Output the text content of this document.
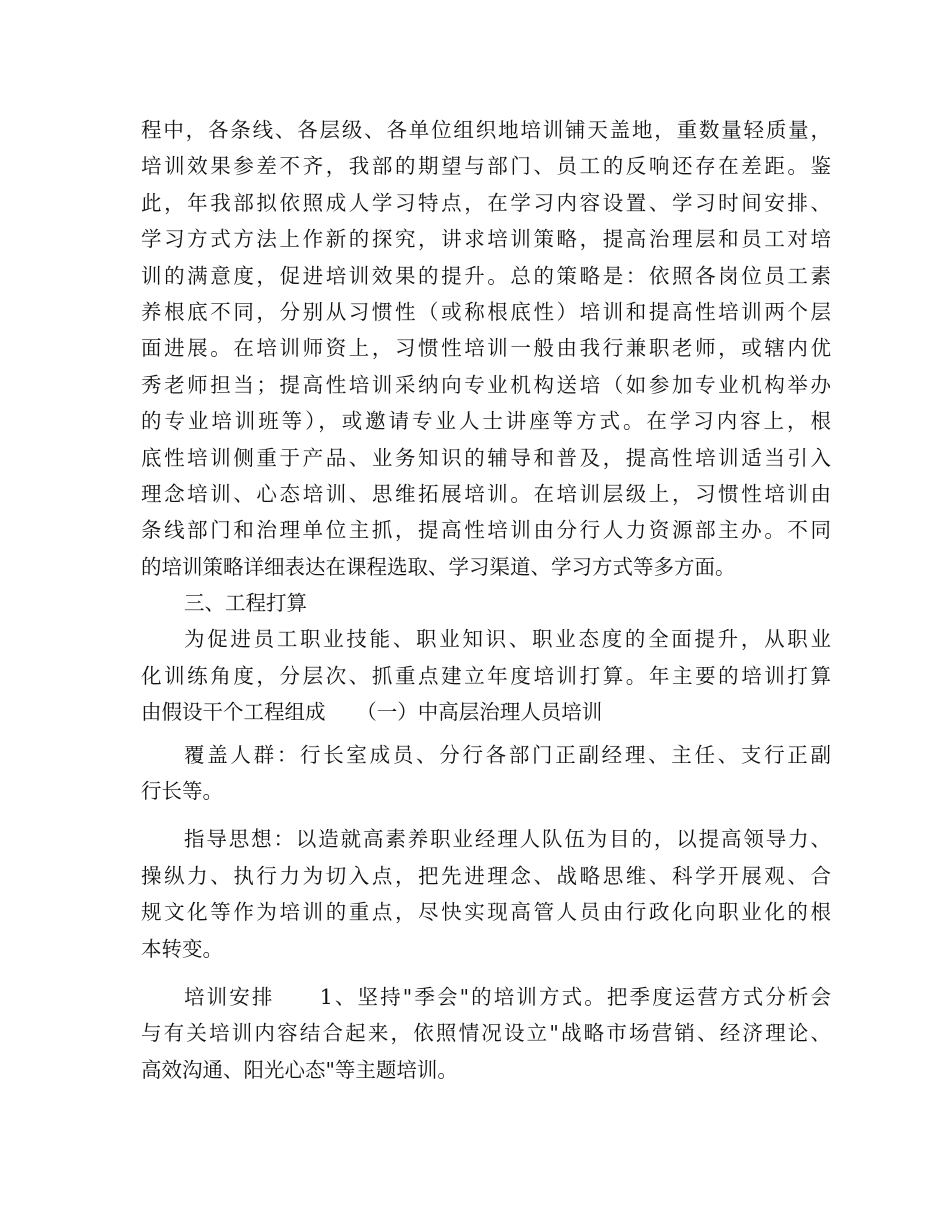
程中，各条线、各层级、各单位组织地培训铺天盖地，重数量轻质量，
培训效果参差不齐，我部的期望与部门、员工的反响还存在差距。鉴
此，年我部拟依照成人学习特点，在学习内容设置、学习时间安排、
学习方式方法上作新的探究，讲求培训策略，提高治理层和员工对培
训的满意度，促进培训效果的提升。总的策略是：依照各岗位员工素
养根底不同，分别从习惯性（或称根底性）培训和提高性培训两个层
面进展。在培训师资上，习惯性培训一般由我行兼职老师，或辖内优
秀老师担当；提高性培训采纳向专业机构送培（如参加专业机构举办
的专业培训班等），或邀请专业人士讲座等方式。在学习内容上，根
底性培训侧重于产品、业务知识的辅导和普及，提高性培训适当引入
理念培训、心态培训、思维拓展培训。在培训层级上，习惯性培训由
条线部门和治理单位主抓，提高性培训由分行人力资源部主办。不同
的培训策略详细表达在课程选取、学习渠道、学习方式等多方面。
三、工程打算
为促进员工职业技能、职业知识、职业态度的全面提升，从职业
化训练角度，分层次、抓重点建立年度培训打算。年主要的培训打算
由假设干个工程组成　　（一）中高层治理人员培训
覆盖人群：行长室成员、分行各部门正副经理、主任、支行正副
行长等。
指导思想：以造就高素养职业经理人队伍为目的，以提高领导力、
操纵力、执行力为切入点，把先进理念、战略思维、科学开展观、合
规文化等作为培训的重点，尽快实现高管人员由行政化向职业化的根
本转变。
培训安排　　1、坚持"季会"的培训方式。把季度运营方式分析会
与有关培训内容结合起来，依照情况设立"战略市场营销、经济理论、
高效沟通、阳光心态"等主题培训。
